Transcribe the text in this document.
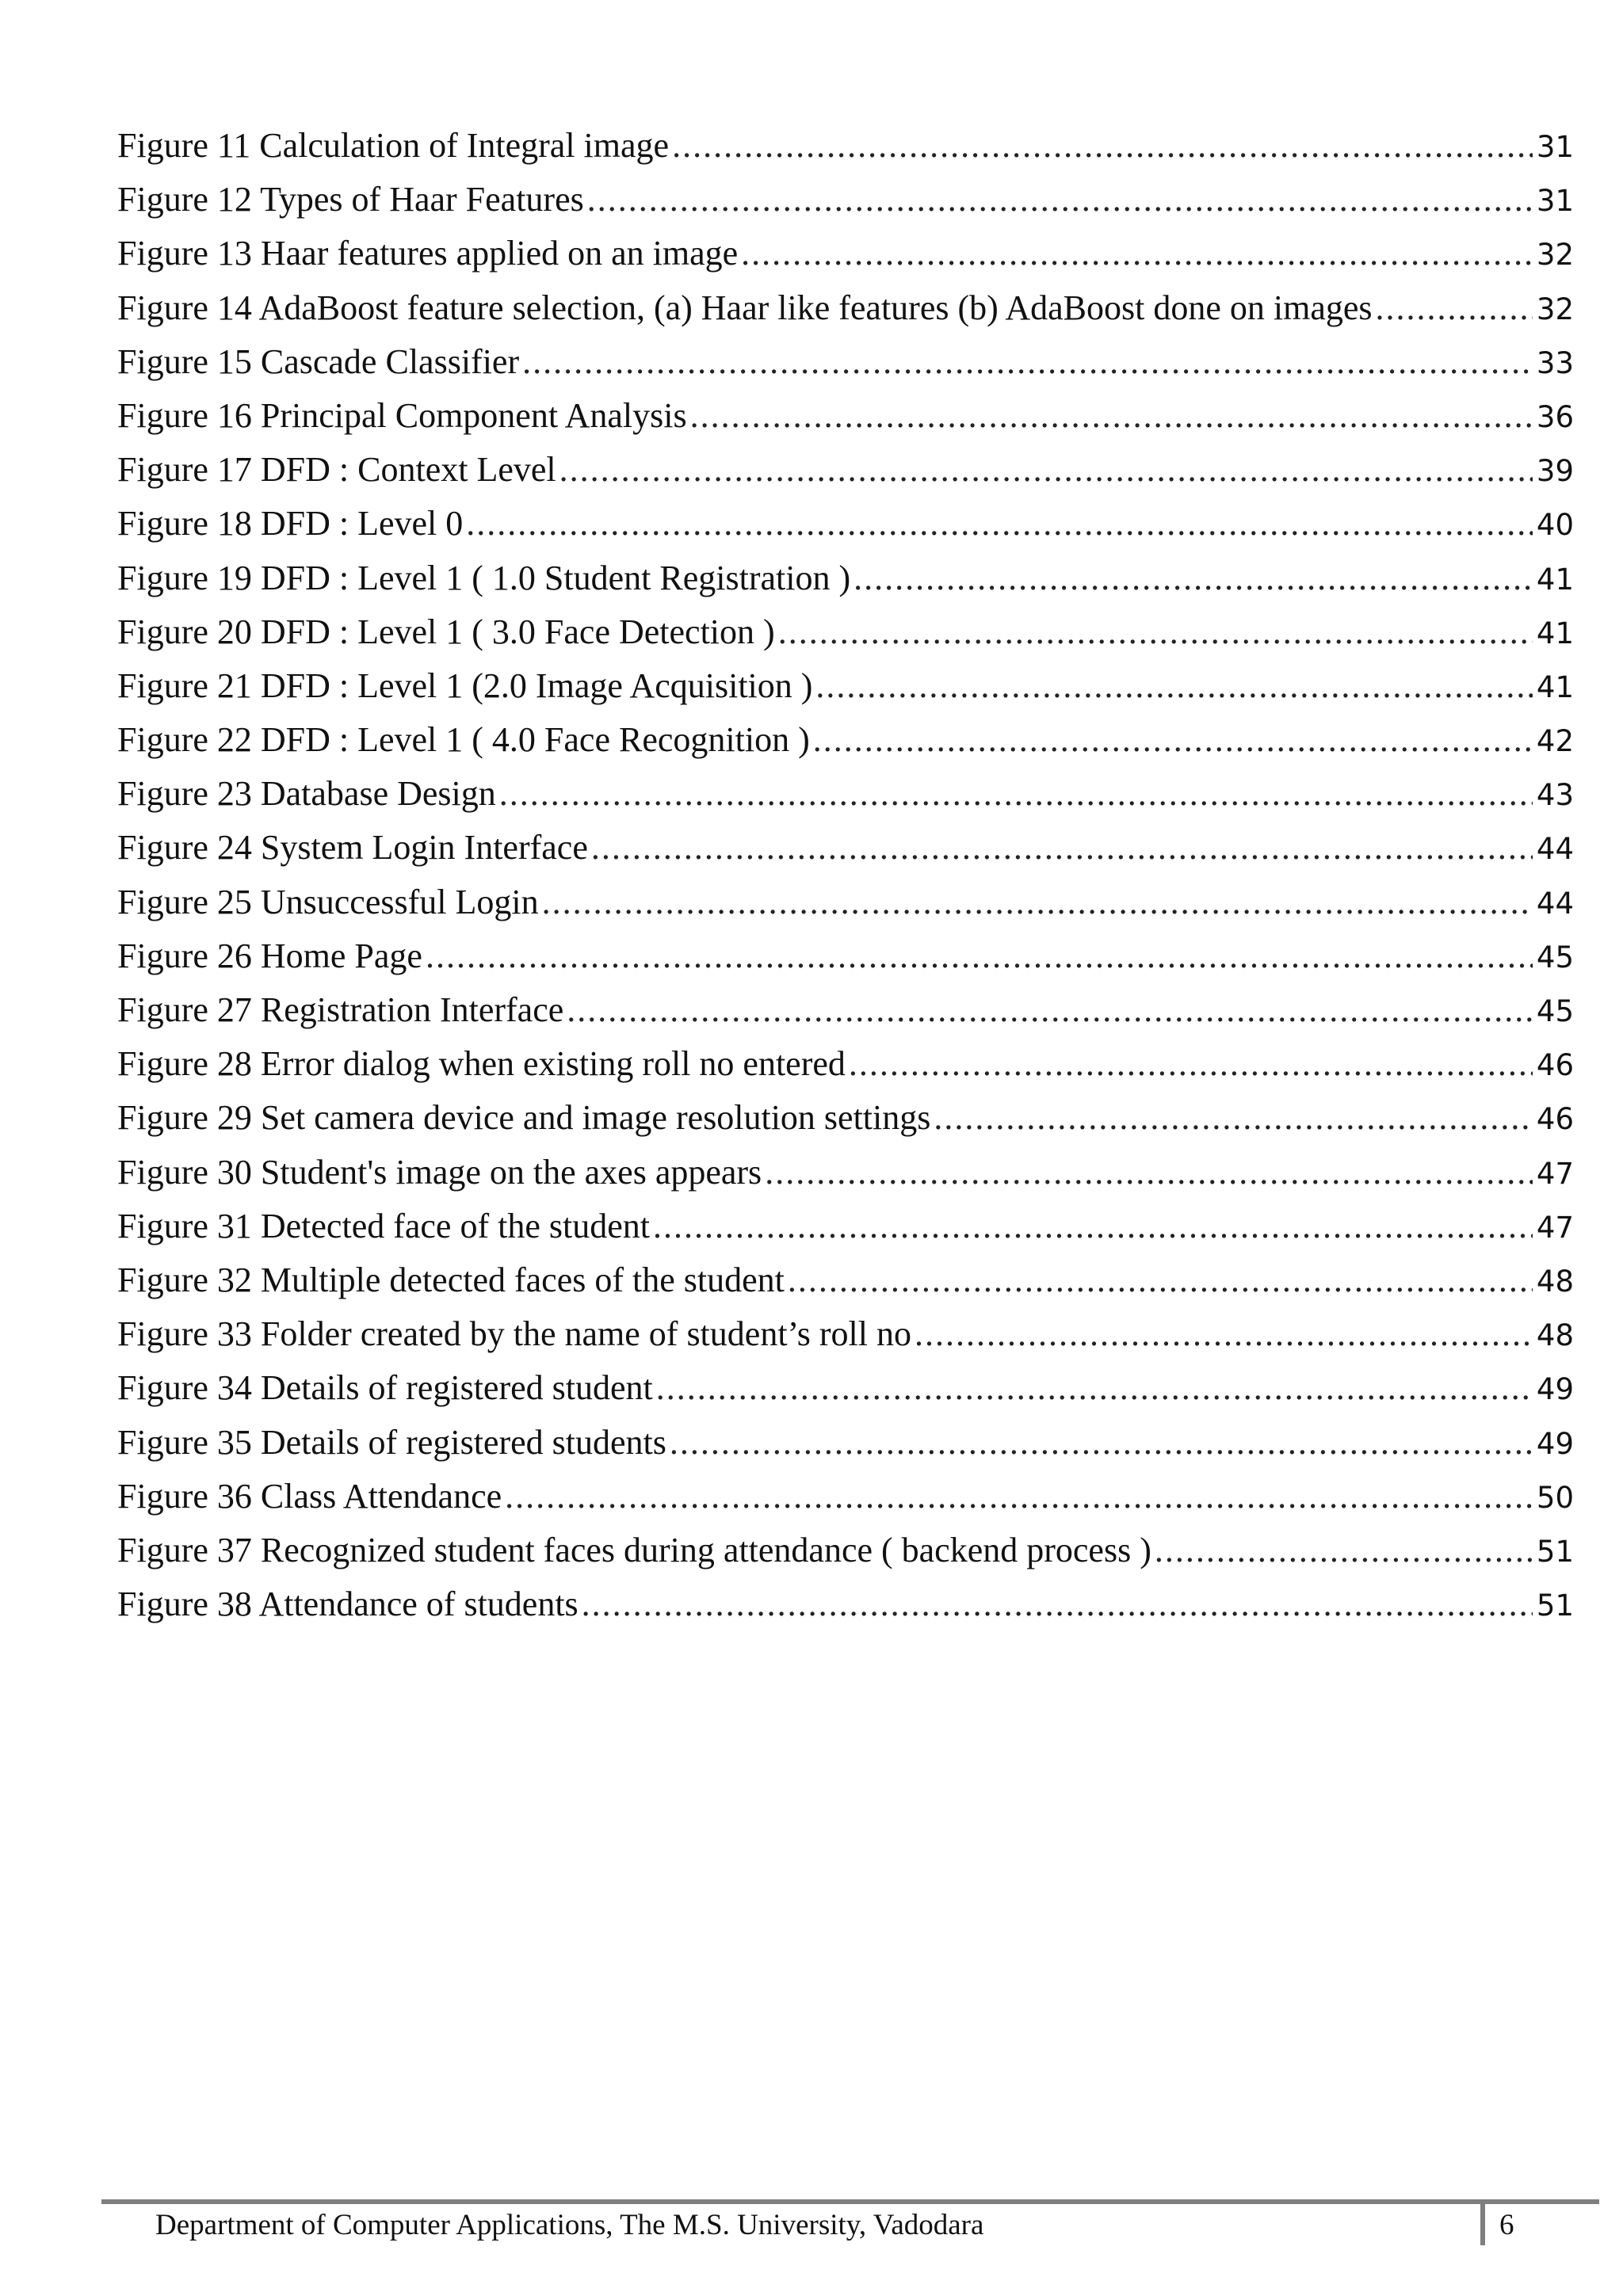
Figure 11 Calculation of Integral image .....	31
Figure 12 Types of Haar Features .....	31
Figure 13 Haar features applied on an image .....	32
Figure 14 AdaBoost feature selection, (a) Haar like features (b) AdaBoost done on images .....	32
Figure 15 Cascade Classifier .....	33
Figure 16 Principal Component Analysis .....	36
Figure 17 DFD : Context Level .....	39
Figure 18 DFD : Level 0 .....	40
Figure 19 DFD : Level 1 ( 1.0 Student Registration ) .....	41
Figure 20 DFD : Level 1 ( 3.0 Face Detection ) .....	41
Figure 21 DFD : Level 1 (2.0 Image Acquisition ) .....	41
Figure 22 DFD : Level 1 ( 4.0 Face Recognition ) .....	42
Figure 23 Database Design .....	43
Figure 24 System Login Interface .....	44
Figure 25 Unsuccessful Login .....	44
Figure 26 Home Page .....	45
Figure 27 Registration Interface .....	45
Figure 28 Error dialog when existing roll no entered .....	46
Figure 29 Set camera device and image resolution settings .....	46
Figure 30 Student's image on the axes appears .....	47
Figure 31 Detected face of the student .....	47
Figure 32 Multiple detected faces of the student .....	48
Figure 33 Folder created by the name of student’s roll no .....	48
Figure 34 Details of registered student .....	49
Figure 35 Details of registered students .....	49
Figure 36 Class Attendance .....	50
Figure 37 Recognized student faces during attendance ( backend process ) .....	51
Figure 38 Attendance of students .....	51
Department of Computer Applications, The M.S. University, Vadodara	6
